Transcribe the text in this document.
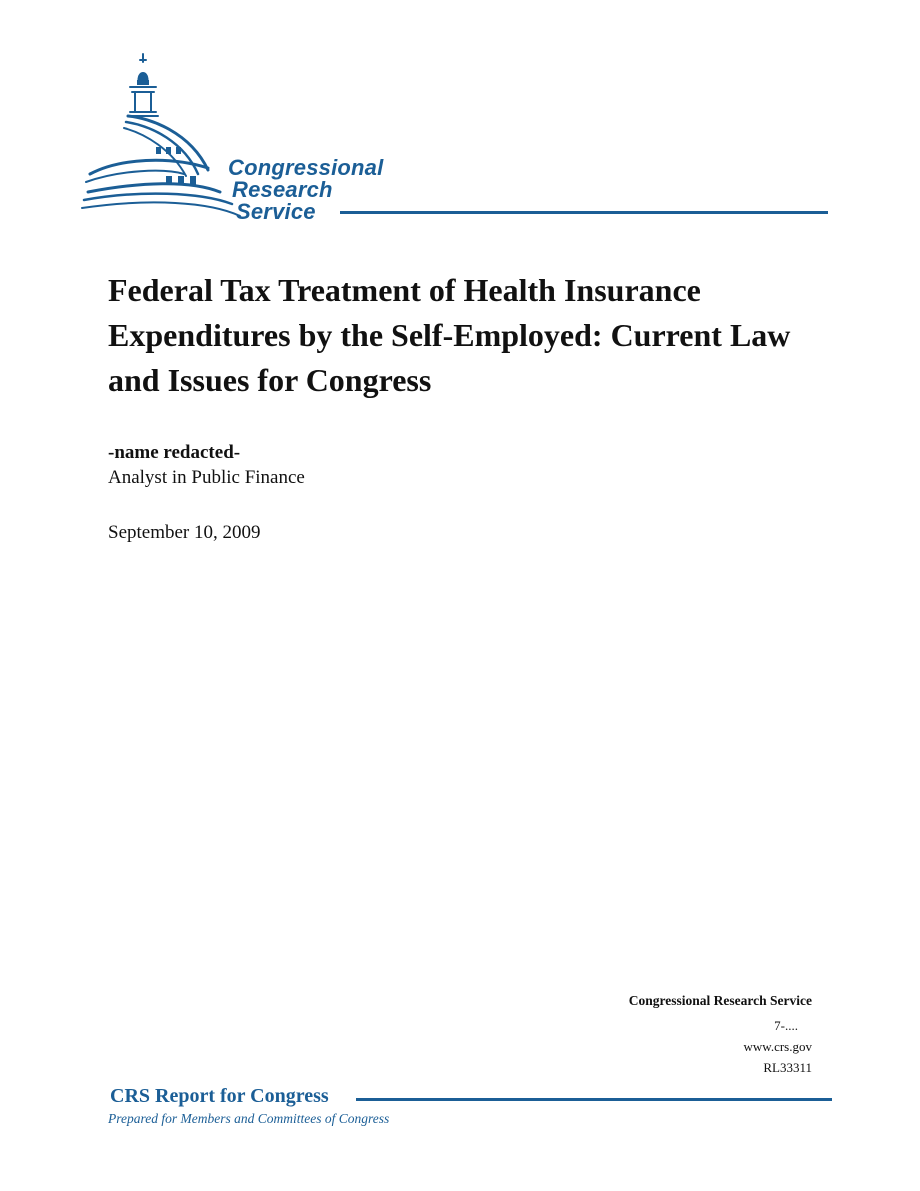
Congressional
Research
Service
Federal Tax Treatment of Health Insurance Expenditures by the Self-Employed: Current Law and Issues for Congress
-name redacted-
Analyst in Public Finance
September 10, 2009
Congressional Research Service
7-....
www.crs.gov
RL33311
CRS Report for Congress
Prepared for Members and Committees of Congress
